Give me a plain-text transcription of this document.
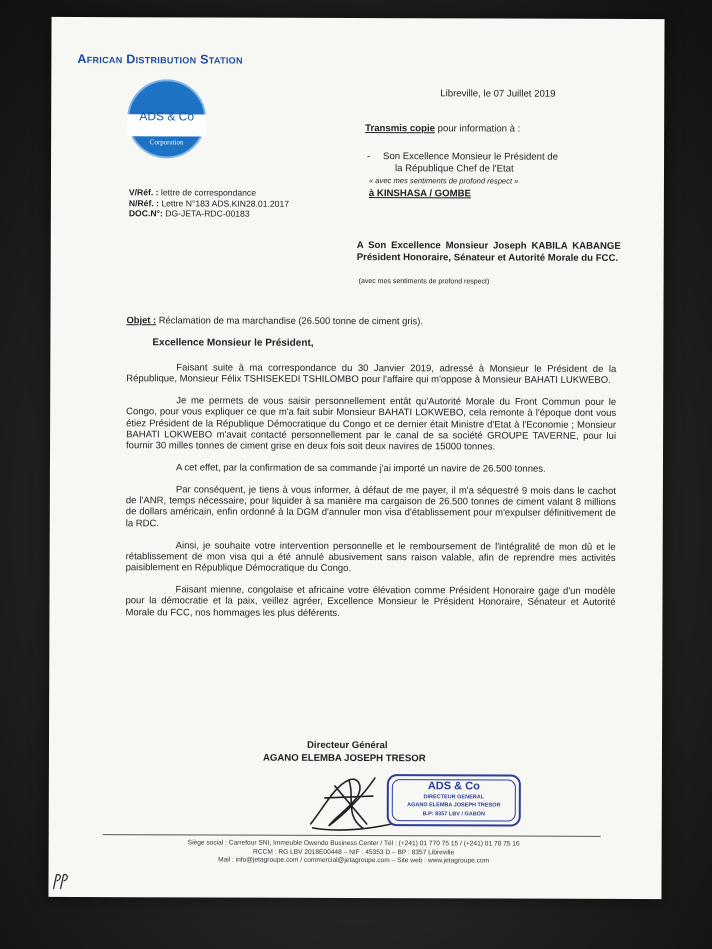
African Distribution Station
ADS & Co
Corporation
V/Réf. : lettre de correspondance
N/Réf. : Lettre N°183 ADS.KIN28.01.2017
DOC.N°: DG-JETA-RDC-00183
Libreville, le 07 Juillet 2019
Transmis copie pour information à :
- Son Excellence Monsieur le Président de
la République Chef de l'Etat
« avec mes sentiments de profond respect »
à KINSHASA / GOMBE
A Son Excellence Monsieur Joseph KABILA KABANGE Président Honoraire, Sénateur et Autorité Morale du FCC.
(avec mes sentiments de profond respect)
Objet : Réclamation de ma marchandise (26.500 tonne de ciment gris).
Excellence Monsieur le Président,

Faisant suite à ma correspondance du 30 Janvier 2019, adressé à Monsieur le Président de la République, Monsieur Félix TSHISEKEDI TSHILOMBO pour l'affaire qui m'oppose à Monsieur BAHATI LUKWEBO.

Je me permets de vous saisir personnellement entât qu'Autorité Morale du Front Commun pour le Congo, pour vous expliquer ce que m'a fait subir Monsieur BAHATI LOKWEBO, cela remonte à l'époque dont vous étiez Président de la République Démocratique du Congo et ce dernier était Ministre d'Etat à l'Economie ; Monsieur BAHATI LOKWEBO m'avait contacté personnellement par le canal de sa société GROUPE TAVERNE, pour lui fournir 30 milles tonnes de ciment grise en deux fois soit deux navires de 15000 tonnes.

A cet effet, par la confirmation de sa commande j'ai importé un navire de 26.500 tonnes.

Par conséquent, je tiens à vous informer, à défaut de me payer, il m'a séquestré 9 mois dans le cachot de l'ANR, temps nécessaire, pour liquider à sa manière ma cargaison de 26.500 tonnes de ciment valant 8 millions de dollars américain, enfin ordonné à la DGM d'annuler mon visa d'établissement pour m'expulser définitivement de la RDC.

Ainsi, je souhaite votre intervention personnelle et le remboursement de l'intégralité de mon dû et le rétablissement de mon visa qui a été annulé abusivement sans raison valable, afin de reprendre mes activités paisiblement en République Démocratique du Congo.

Faisant mienne, congolaise et africaine votre élévation comme Président Honoraire gage d'un modèle pour la démocratie et la paix, veillez agréer, Excellence Monsieur le Président Honoraire, Sénateur et Autorité Morale du FCC, nos hommages les plus déférents.

Directeur Général
AGANO ELEMBA JOSEPH TRESOR
ADS & Co
DIRECTEUR GENERAL
AGANO ELEMBA JOSEPH TRESOR
B.P: 8357 LBV / GABON
Siège social : Carrefour SNI, Immeuble Owendo Business Center / Tél : (+241) 01 770 75 15 / (+241) 01 70 75 16
RCCM : RG LBV 2018E00448 – NIF : 45353 D – BP : 8357 Libreville
Mail : info@jetagroupe.com / commercial@jetagroupe.com – Site web : www.jetagroupe.com
